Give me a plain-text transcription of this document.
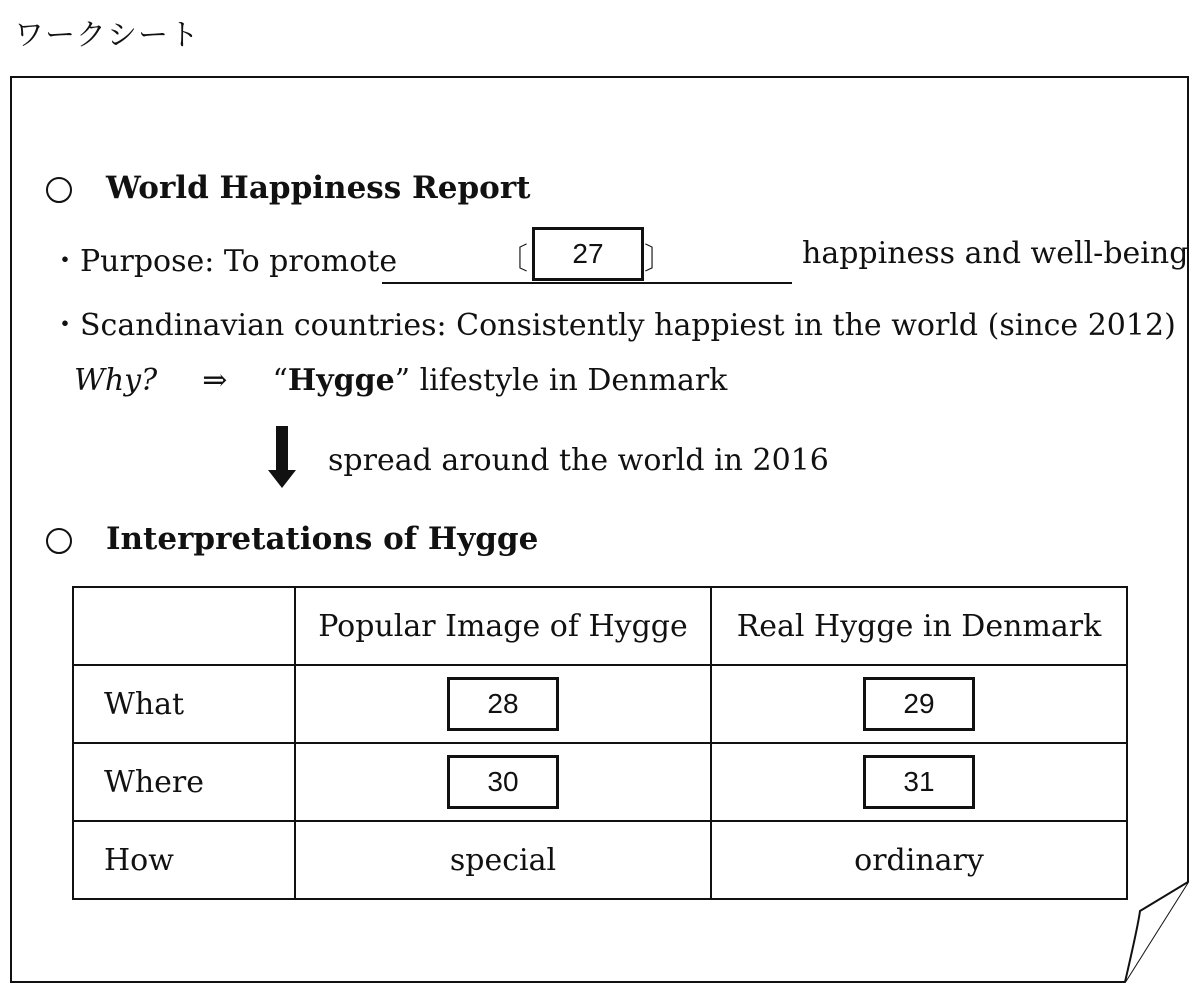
ワークシート
World Happiness Report
・Purpose: To promote	〔	27	〕	happiness and well-being
・Scandinavian countries: Consistently happiest in the world (since 2012)
Why? ⇒ “Hygge” lifestyle in Denmark
spread around the world in 2016
Interpretations of Hygge
	Popular Image of Hygge	Real Hygge in Denmark
What	28	29
Where	30	31
How	special	ordinary
